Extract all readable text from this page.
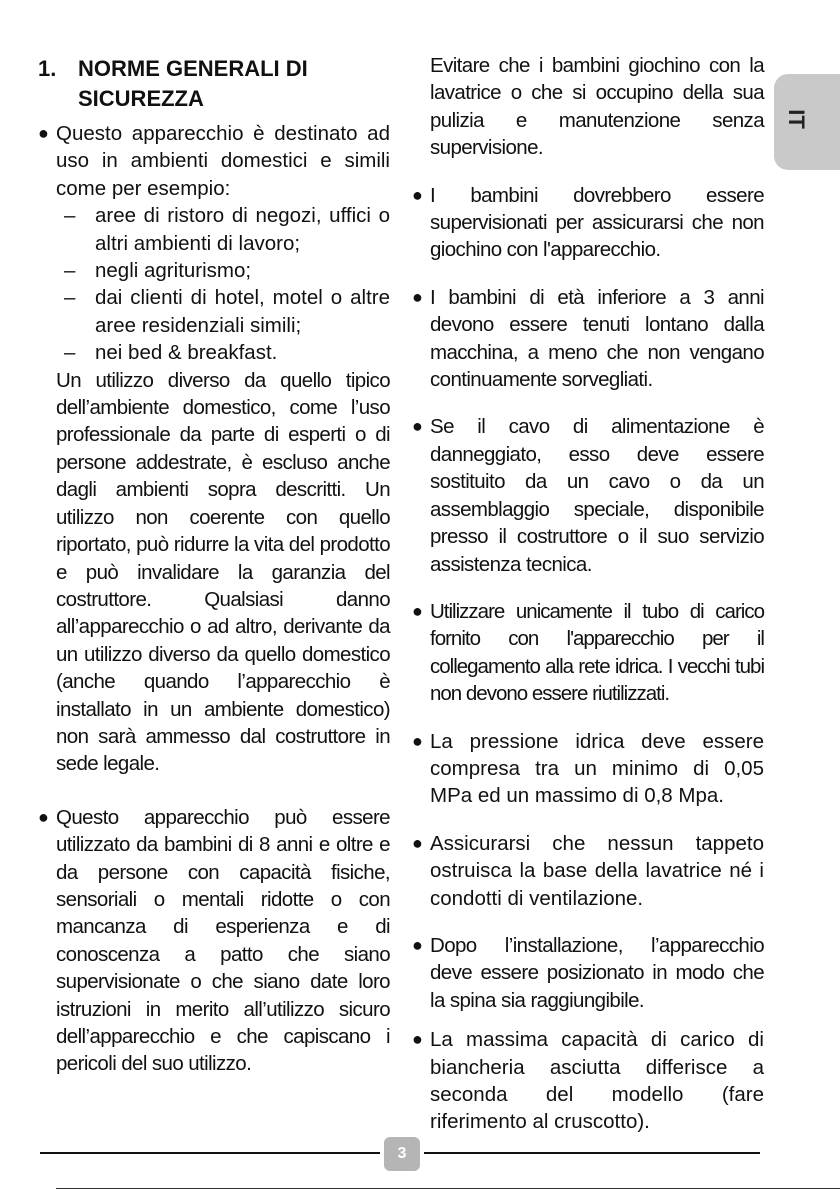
IT
1. NORME GENERALI DI
SICUREZZA
● Questo apparecchio è destinato ad uso in ambienti domestici e simili come per esempio:
– aree di ristoro di negozi, uffici o altri ambienti di lavoro;
– negli agriturismo;
– dai clienti di hotel, motel o altre aree residenziali simili;
– nei bed & breakfast.

Un utilizzo diverso da quello tipico dell’ambiente domestico, come l’uso professionale da parte di esperti o di persone addestrate, è escluso anche dagli ambienti sopra descritti. Un utilizzo non coerente con quello riportato, può ridurre la vita del prodotto e può invalidare la garanzia del costruttore. Qualsiasi danno all’apparecchio o ad altro, derivante da un utilizzo diverso da quello domestico (anche quando l’apparecchio è installato in un ambiente domestico) non sarà ammesso dal costruttore in sede legale.

● Questo apparecchio può essere utilizzato da bambini di 8 anni e oltre e da persone con capacità fisiche, sensoriali o mentali ridotte o con mancanza di esperienza e di conoscenza a patto che siano supervisionate o che siano date loro istruzioni in merito all’utilizzo sicuro dell’apparecchio e che capiscano i pericoli del suo utilizzo.

Evitare che i bambini giochino con la lavatrice o che si occupino della sua pulizia e manutenzione senza supervisione.

● I bambini dovrebbero essere supervisionati per assicurarsi che non giochino con l'apparecchio.
● I bambini di età inferiore a 3 anni devono essere tenuti lontano dalla macchina, a meno che non vengano continuamente sorvegliati.
● Se il cavo di alimentazione è danneggiato, esso deve essere sostituito da un cavo o da un assemblaggio speciale, disponibile presso il costruttore o il suo servizio assistenza tecnica.
● Utilizzare unicamente il tubo di carico fornito con l'apparecchio per il collegamento alla rete idrica. I vecchi tubi non devono essere riutilizzati.
● La pressione idrica deve essere compresa tra un minimo di 0,05 MPa ed un massimo di 0,8 Mpa.
● Assicurarsi che nessun tappeto ostruisca la base della lavatrice né i condotti di ventilazione.
● Dopo l’installazione, l’apparecchio deve essere posizionato in modo che la spina sia raggiungibile.
● La massima capacità di carico di biancheria asciutta differisce a seconda del modello (fare riferimento al cruscotto).
3
